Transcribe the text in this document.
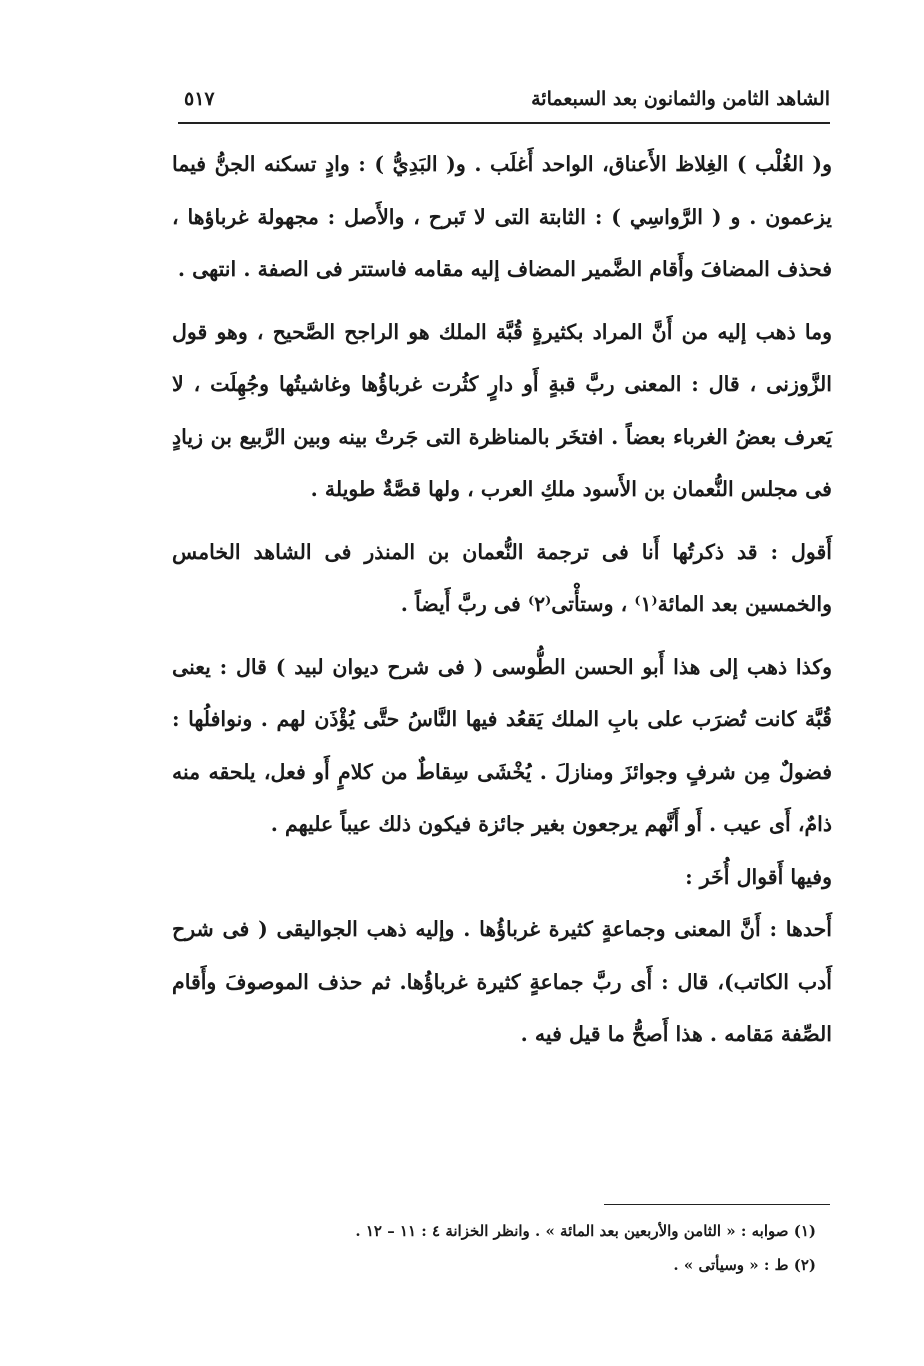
الشاهد الثامن والثمانون بعد السبعمائة
٥١٧

و( الغُلْب ) الغِلاظ الأَعناق، الواحد أَغلَب . و( البَدِيُّ ) : وادٍ تسكنه الجنُّ فيما يزعمون . و ( الرَّواسِي ) : الثابتة التى لا تَبرح ، والأَصل : مجهولة غرباؤها ، فحذف المضافَ وأَقام الضَّمير المضاف إليه مقامه فاستتر فى الصفة . انتهى .

وما ذهب إليه من أَنَّ المراد بكثيرةٍ قُبَّة الملك هو الراجح الصَّحيح ، وهو قول الزَّوزنى ، قال : المعنى ربَّ قبةٍ أَو دارٍ كثُرت غرباؤُها وغاشيتُها وجُهِلَت ، لا يَعرف بعضُ الغرباء بعضاً . افتخَر بالمناظرة التى جَرتْ بينه وبين الرَّبيع بن زيادٍ فى مجلس النُّعمان بن الأَسود ملكِ العرب ، ولها قصَّةٌ طويلة .

أَقول : قد ذكرتُها أَنا فى ترجمة النُّعمان بن المنذر فى الشاهد الخامس والخمسين بعد المائة⁽١⁾ ، وستأْتى⁽٢⁾ فى ربَّ أَيضاً .

وكذا ذهب إلى هذا أَبو الحسن الطُّوسى ( فى شرح ديوان لبيد ) قال : يعنى قُبَّة كانت تُضرَب على بابِ الملك يَقعُد فيها النَّاسُ حتَّى يُؤْذَن لهم . ونوافلُها : فضولٌ مِن شرفٍ وجوائزَ ومنازلَ . يُخْشَى سِقاطٌ من كلامٍ أَو فعل، يلحقه منه ذامٌ، أَى عيب . أَو أَنَّهم يرجعون بغير جائزة فيكون ذلك عيباً عليهم .

وفيها أَقوال أُخَر :

أَحدها : أَنَّ المعنى وجماعةٍ كثيرة غرباؤُها . وإليه ذهب الجواليقى ( فى شرح أَدب الكاتب)، قال : أَى ربَّ جماعةٍ كثيرة غرباؤُها. ثم حذف الموصوفَ وأَقام الصِّفة مَقامه . هذا أَصحُّ ما قيل فيه .

(١) صوابه : « الثامن والأربعين بعد المائة » . وانظر الخزانة ٤ : ١١ – ١٢ .

(٢) ط : « وسيأتى » .
